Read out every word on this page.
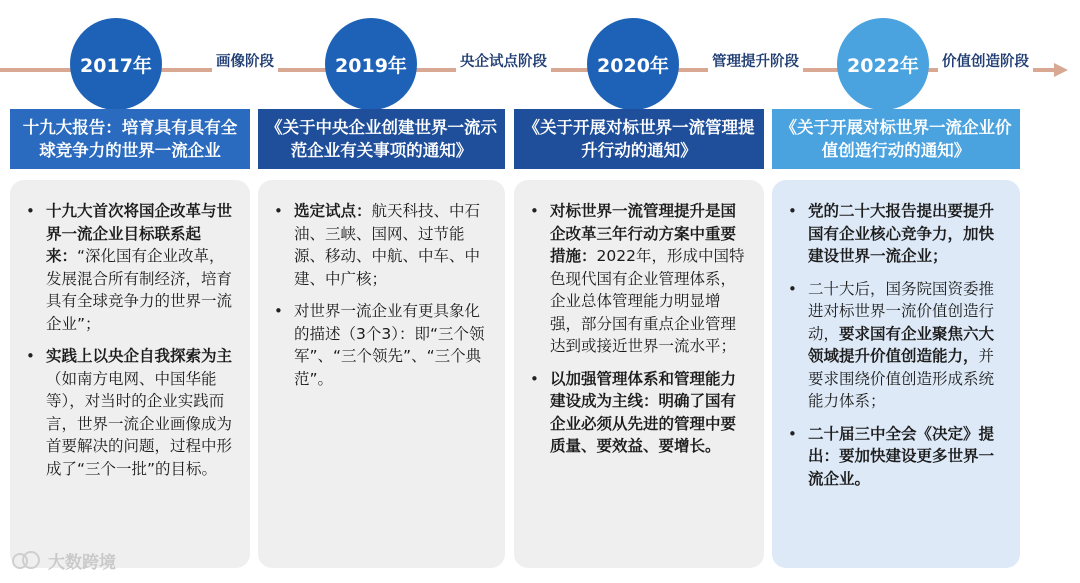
2017年	2019年	2020年	2022年
画像阶段	央企试点阶段	管理提升阶段	价值创造阶段
十九大报告：培育具有具有全球竞争力的世界一流企业
《关于中央企业创建世界一流示范企业有关事项的通知》
《关于开展对标世界一流管理提升行动的通知》
《关于开展对标世界一流企业价值创造行动的通知》
• 十九大首次将国企改革与世界一流企业目标联系起来：“深化国有企业改革，发展混合所有制经济，培育具有全球竞争力的世界一流企业”；
• 实践上以央企自我探索为主（如南方电网、中国华能等），对当时的企业实践而言，世界一流企业画像成为首要解决的问题，过程中形成了“三个一批”的目标。
• 选定试点：航天科技、中石油、三峡、国网、过节能源、移动、中航、中车、中建、中广核；
• 对世界一流企业有更具象化的描述（3个3）：即“三个领军”、“三个领先”、“三个典范”。
• 对标世界一流管理提升是国企改革三年行动方案中重要措施：2022年，形成中国特色现代国有企业管理体系，企业总体管理能力明显增强，部分国有重点企业管理达到或接近世界一流水平；
• 以加强管理体系和管理能力建设成为主线：明确了国有企业必须从先进的管理中要质量、要效益、要增长。
• 党的二十大报告提出要提升国有企业核心竞争力，加快建设世界一流企业；
• 二十大后，国务院国资委推进对标世界一流价值创造行动，要求国有企业聚焦六大领域提升价值创造能力，并要求围绕价值创造形成系统能力体系；
• 二十届三中全会《决定》提出：要加快建设更多世界一流企业。
大数跨境
